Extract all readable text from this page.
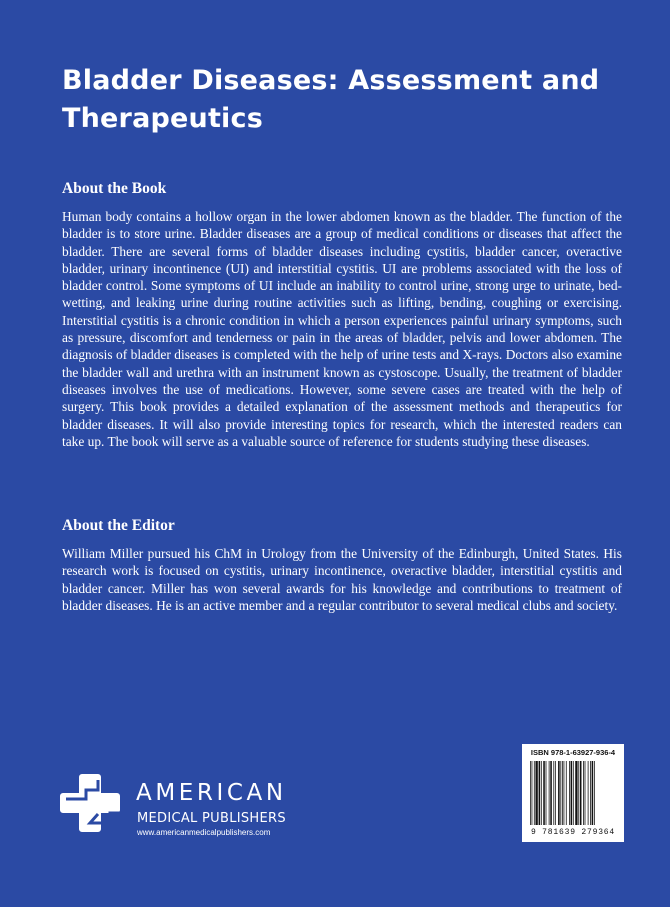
Bladder Diseases: Assessment and Therapeutics
About the Book

Human body contains a hollow organ in the lower abdomen known as the bladder. The function of the bladder is to store urine. Bladder diseases are a group of medical conditions or diseases that affect the bladder. There are several forms of bladder diseases including cystitis, bladder cancer, overactive bladder, urinary incontinence (UI) and interstitial cystitis. UI are problems associated with the loss of bladder control. Some symptoms of UI include an inability to control urine, strong urge to urinate, bed-wetting, and leaking urine during routine activities such as lifting, bending, coughing or exercising. Interstitial cystitis is a chronic condition in which a person experiences painful urinary symptoms, such as pressure, discomfort and tenderness or pain in the areas of bladder, pelvis and lower abdomen. The diagnosis of bladder diseases is completed with the help of urine tests and X-rays. Doctors also examine the bladder wall and urethra with an instrument known as cystoscope. Usually, the treatment of bladder diseases involves the use of medications. However, some severe cases are treated with the help of surgery. This book provides a detailed explanation of the assessment methods and therapeutics for bladder diseases. It will also provide interesting topics for research, which the interested readers can take up. The book will serve as a valuable source of reference for students studying these diseases.

About the Editor

William Miller pursued his ChM in Urology from the University of the Edinburgh, United States. His research work is focused on cystitis, urinary incontinence, overactive bladder, interstitial cystitis and bladder cancer. Miller has won several awards for his knowledge and contributions to treatment of bladder diseases. He is an active member and a regular contributor to several medical clubs and society.

ISBN 978-1-63927-936-4
9 781639 279364
AMERICAN
MEDICAL PUBLISHERS
www.americanmedicalpublishers.com
